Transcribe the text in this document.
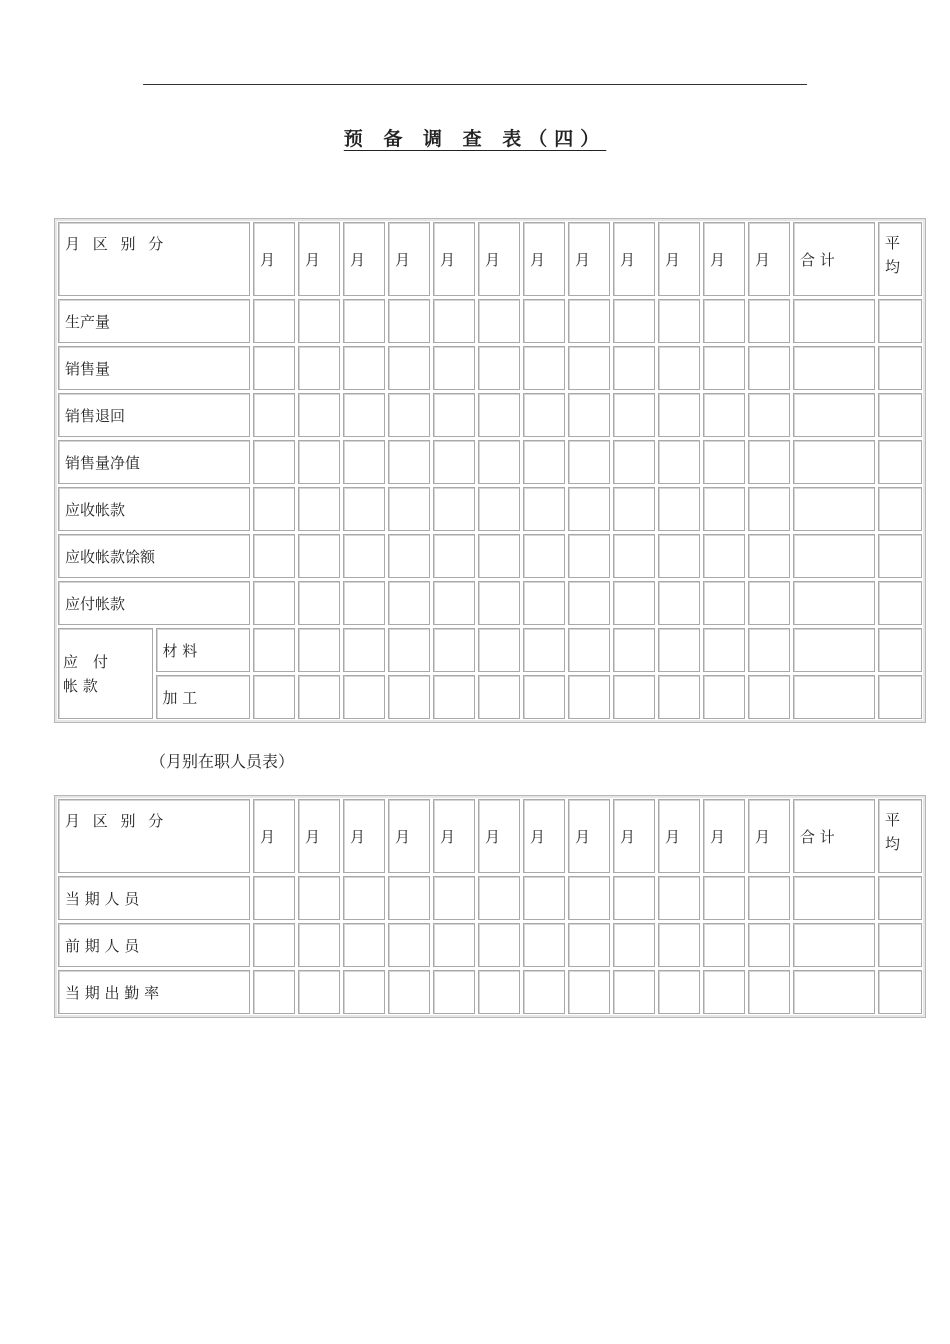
预 备 调 查 表（四）
月 区 别 分		月	月	月	月	月	月	月	月	月	月	月	月	合 计	平
均
生产量															
销售量															
销售退回															
销售量净值															
应收帐款															
应收帐款馀额															
应付帐款															
应　付
帐 款	材 料														
	加 工														
（月别在职人员表）
月 区 别 分	月	月	月	月	月	月	月	月	月	月	月	月	合 计	平
均
当 期 人 员														
前 期 人 员														
当 期 出 勤 率														
